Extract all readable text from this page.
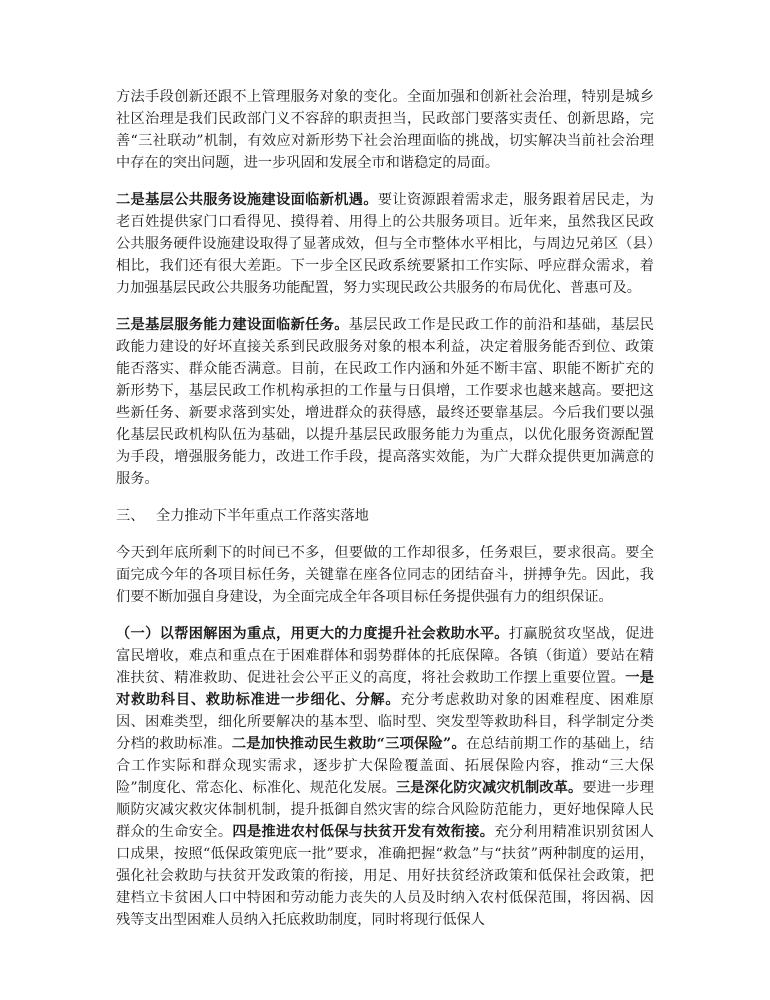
方法手段创新还跟不上管理服务对象的变化。全面加强和创新社会治理，特别是城乡社区治理是我们民政部门义不容辞的职责担当，民政部门要落实责任、创新思路，完善“三社联动”机制，有效应对新形势下社会治理面临的挑战，切实解决当前社会治理中存在的突出问题，进一步巩固和发展全市和谐稳定的局面。

二是基层公共服务设施建设面临新机遇。要让资源跟着需求走，服务跟着居民走，为老百姓提供家门口看得见、摸得着、用得上的公共服务项目。近年来，虽然我区民政公共服务硬件设施建设取得了显著成效，但与全市整体水平相比，与周边兄弟区（县）相比，我们还有很大差距。下一步全区民政系统要紧扣工作实际、呼应群众需求，着力加强基层民政公共服务功能配置，努力实现民政公共服务的布局优化、普惠可及。

三是基层服务能力建设面临新任务。基层民政工作是民政工作的前沿和基础，基层民政能力建设的好坏直接关系到民政服务对象的根本利益，决定着服务能否到位、政策能否落实、群众能否满意。目前，在民政工作内涵和外延不断丰富、职能不断扩充的新形势下，基层民政工作机构承担的工作量与日俱增，工作要求也越来越高。要把这些新任务、新要求落到实处，增进群众的获得感，最终还要靠基层。今后我们要以强化基层民政机构队伍为基础，以提升基层民政服务能力为重点，以优化服务资源配置为手段，增强服务能力，改进工作手段，提高落实效能，为广大群众提供更加满意的服务。

三、 全力推动下半年重点工作落实落地

今天到年底所剩下的时间已不多，但要做的工作却很多，任务艰巨，要求很高。要全面完成今年的各项目标任务，关键靠在座各位同志的团结奋斗，拼搏争先。因此，我们要不断加强自身建设，为全面完成全年各项目标任务提供强有力的组织保证。

（一）以帮困解困为重点，用更大的力度提升社会救助水平。打赢脱贫攻坚战，促进富民增收，难点和重点在于困难群体和弱势群体的托底保障。各镇（街道）要站在精准扶贫、精准救助、促进社会公平正义的高度，将社会救助工作摆上重要位置。一是对救助科目、救助标准进一步细化、分解。充分考虑救助对象的困难程度、困难原因、困难类型，细化所要解决的基本型、临时型、突发型等救助科目，科学制定分类分档的救助标准。二是加快推动民生救助“三项保险”。在总结前期工作的基础上，结合工作实际和群众现实需求，逐步扩大保险覆盖面、拓展保险内容，推动“三大保险”制度化、常态化、标准化、规范化发展。三是深化防灾减灾机制改革。要进一步理顺防灾减灾救灾体制机制，提升抵御自然灾害的综合风险防范能力，更好地保障人民群众的生命安全。四是推进农村低保与扶贫开发有效衔接。充分利用精准识别贫困人口成果，按照“低保政策兜底一批”要求，准确把握“救急”与“扶贫”两种制度的运用，强化社会救助与扶贫开发政策的衔接，用足、用好扶贫经济政策和低保社会政策，把建档立卡贫困人口中特困和劳动能力丧失的人员及时纳入农村低保范围，将因祸、因残等支出型困难人员纳入托底救助制度，同时将现行低保人
